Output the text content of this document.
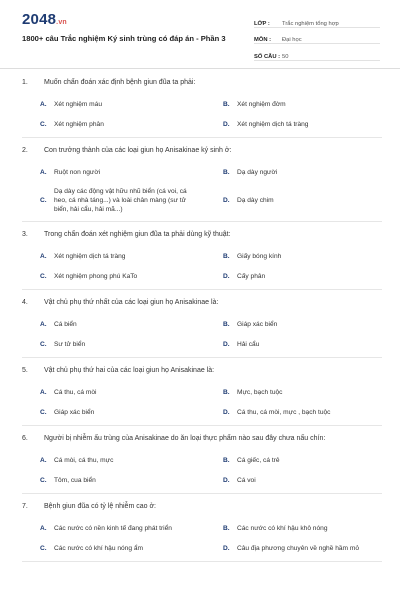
2048.vn
1800+ câu Trắc nghiệm Ký sinh trùng có đáp án - Phần 3
LỚP :	Trắc nghiệm tổng hợp
MÔN :	Đại học
SỐ CÂU : 50
1.	Muốn chẩn đoán xác định bệnh giun đũa ta phải:
A.	Xét nghiệm máu	B.	Xét nghiệm đờm
C.	Xét nghiệm phân	D.	Xét nghiệm dịch tá tràng
2.	Con trưởng thành của các loại giun họ Anisakinae ký sinh ở:
A.	Ruột non người	B.	Dạ dày người
C.
Dạ dày các động vật hữu nhũ biển (cá voi, cá heo, cá nhà táng...) và loài chân màng (sư tử biển, hải cẩu, hải mã...)
D.	Dạ dày chim
3.	Trong chẩn đoán xét nghiệm giun đũa ta phải dùng kỹ thuật:
A.	Xét nghiệm dịch tá tràng	B.	Giấy bóng kính
C.	Xét nghiệm phong phú KaTo	D.	Cấy phân
4.	Vật chủ phụ thứ nhất của các loại giun họ Anisakinae là:
A.	Cá biển	B.	Giáp xác biển
C.	Sư tử biển	D.	Hải cẩu
5.	Vật chủ phụ thứ hai của các loại giun họ Anisakinae là:
A.	Cá thu, cá mòi	B.	Mực, bạch tuộc
C.	Giáp xác biển	D.	Cá thu, cá mòi, mực , bạch tuộc
6.	Người bị nhiễm ấu trùng của Anisakinae do ăn loại thực phẩm nào sau đây chưa nấu chín:
A.	Cá mòi, cá thu, mực	B.	Cá giếc, cá trê
C.	Tôm, cua biển	D.	Cá voi
7.	Bệnh giun đũa có tỷ lệ nhiễm cao ở:
A.	Các nước có nền kinh tế đang phát triển	B.	Các nước có khí hậu khô nóng
C.	Các nước có khí hậu nóng ẩm	D.	Câu địa phương chuyên về nghề hầm mỏ
